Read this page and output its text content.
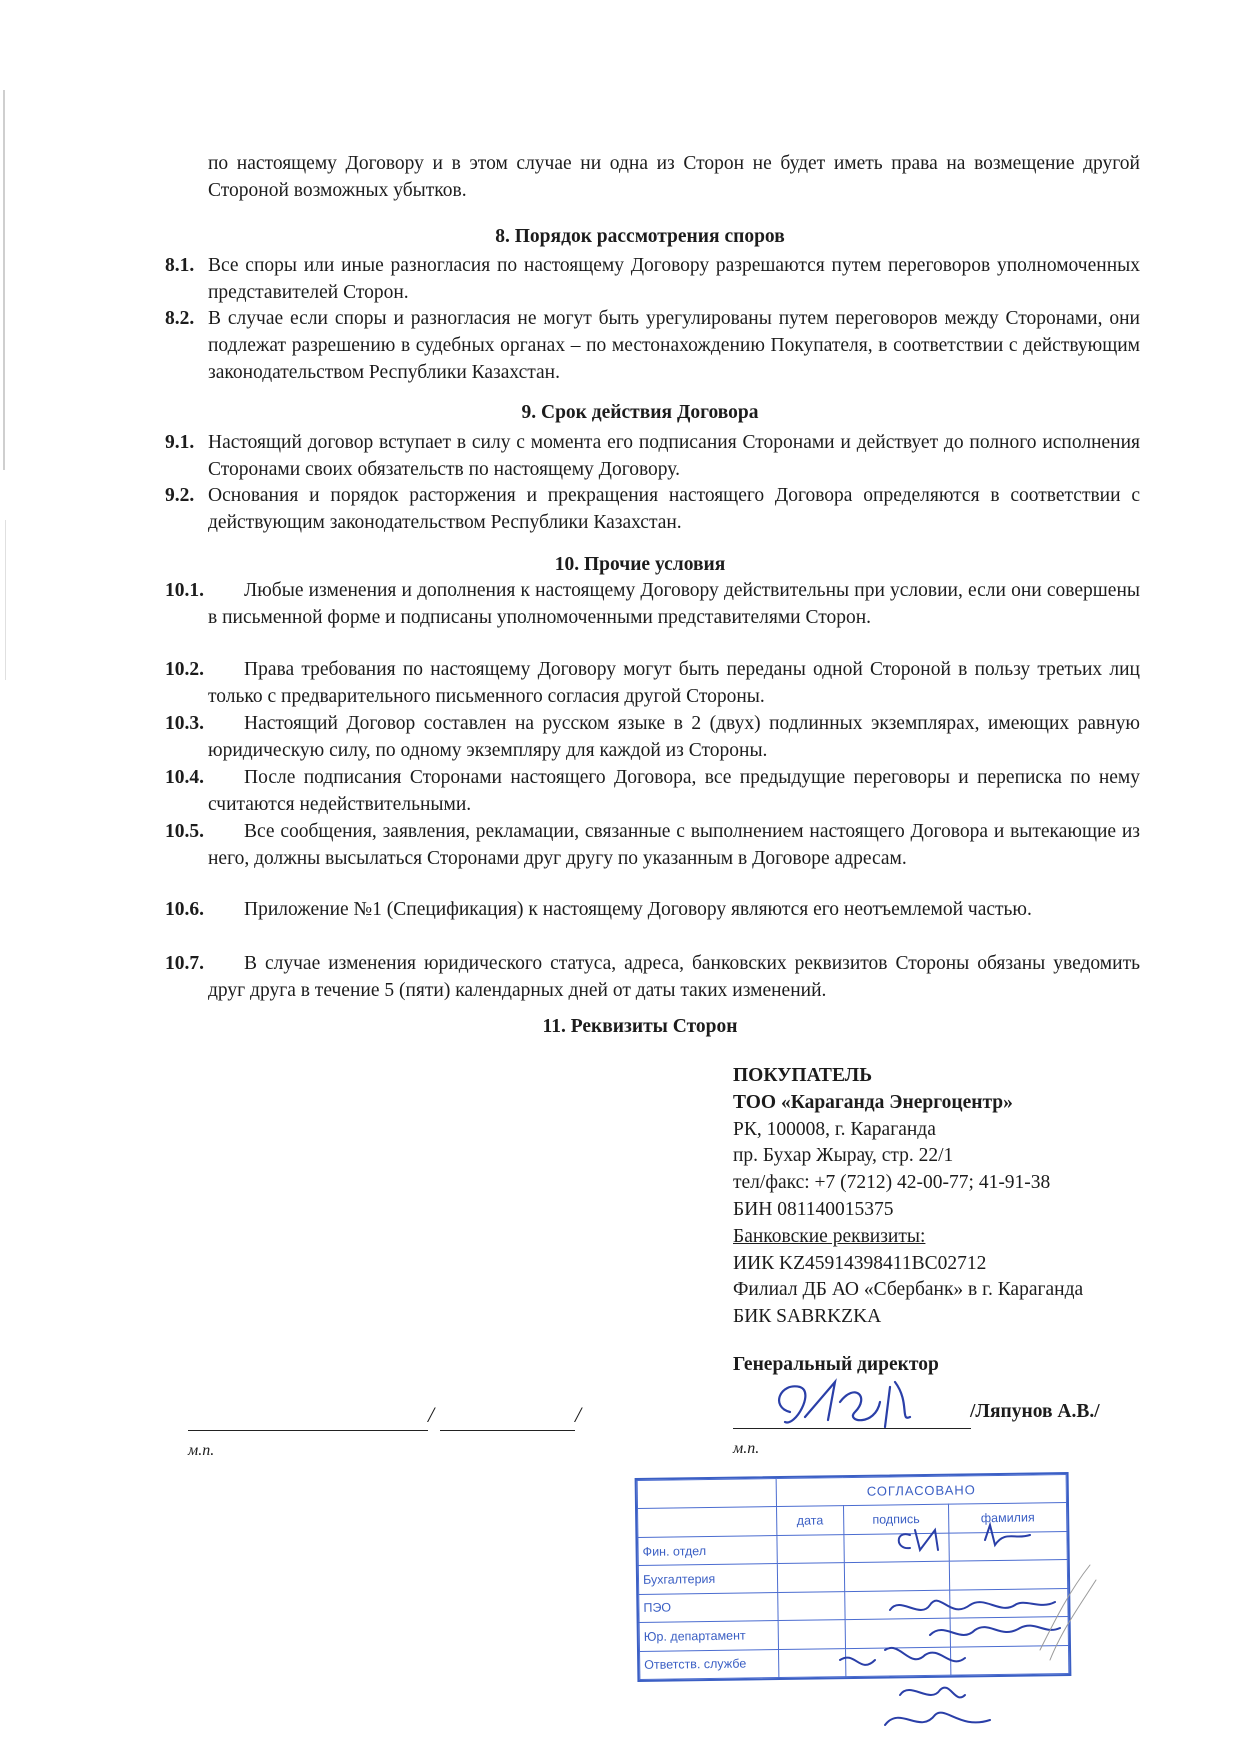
по настоящему Договору и в этом случае ни одна из Сторон не будет иметь права на возмещение другой Стороной возможных убытков.
8. Порядок рассмотрения споров
8.1. Все споры или иные разногласия по настоящему Договору разрешаются путем переговоров уполномоченных представителей Сторон.
8.2. В случае если споры и разногласия не могут быть урегулированы путем переговоров между Сторонами, они подлежат разрешению в судебных органах – по местонахождению Покупателя, в соответствии с действующим законодательством Республики Казахстан.
9. Срок действия Договора
9.1. Настоящий договор вступает в силу с момента его подписания Сторонами и действует до полного исполнения Сторонами своих обязательств по настоящему Договору.
9.2. Основания и порядок расторжения и прекращения настоящего Договора определяются в соответствии с действующим законодательством Республики Казахстан.
10. Прочие условия
10.1.	Любые изменения и дополнения к настоящему Договору действительны при условии, если они совершены в письменной форме и подписаны уполномоченными представителями Сторон.
10.2.	Права требования по настоящему Договору могут быть переданы одной Стороной в пользу третьих лиц только с предварительного письменного согласия другой Стороны.
10.3.	Настоящий Договор составлен на русском языке в 2 (двух) подлинных экземплярах, имеющих равную юридическую силу, по одному экземпляру для каждой из Стороны.
10.4.	После подписания Сторонами настоящего Договора, все предыдущие переговоры и переписка по нему считаются недействительными.
10.5.	Все сообщения, заявления, рекламации, связанные с выполнением настоящего Договора и вытекающие из него, должны высылаться Сторонами друг другу по указанным в Договоре адресам.
10.6.	Приложение №1 (Спецификация) к настоящему Договору являются его неотъемлемой частью.
10.7.	В случае изменения юридического статуса, адреса, банковских реквизитов Стороны обязаны уведомить друг друга в течение 5 (пяти) календарных дней от даты таких изменений.
11. Реквизиты Сторон
ПОКУПАТЕЛЬ
ТОО «Караганда Энергоцентр»
РК, 100008, г. Караганда
пр. Бухар Жырау, стр. 22/1
тел/факс: +7 (7212) 42-00-77; 41-91-38
БИН 081140015375
Банковские реквизиты:
ИИК KZ45914398411BC02712
Филиал ДБ АО «Сбербанк» в г. Караганда
БИК SABRKZKA
Генеральный директор
/	/
м.п.
/Ляпунов А.В./
м.п.
	СОГЛАСОВАНО		
	дата	подпись	фамилия
Фин. отдел			
Бухгалтерия			
ПЭО			
Юр. департамент			
Ответств. службе			
